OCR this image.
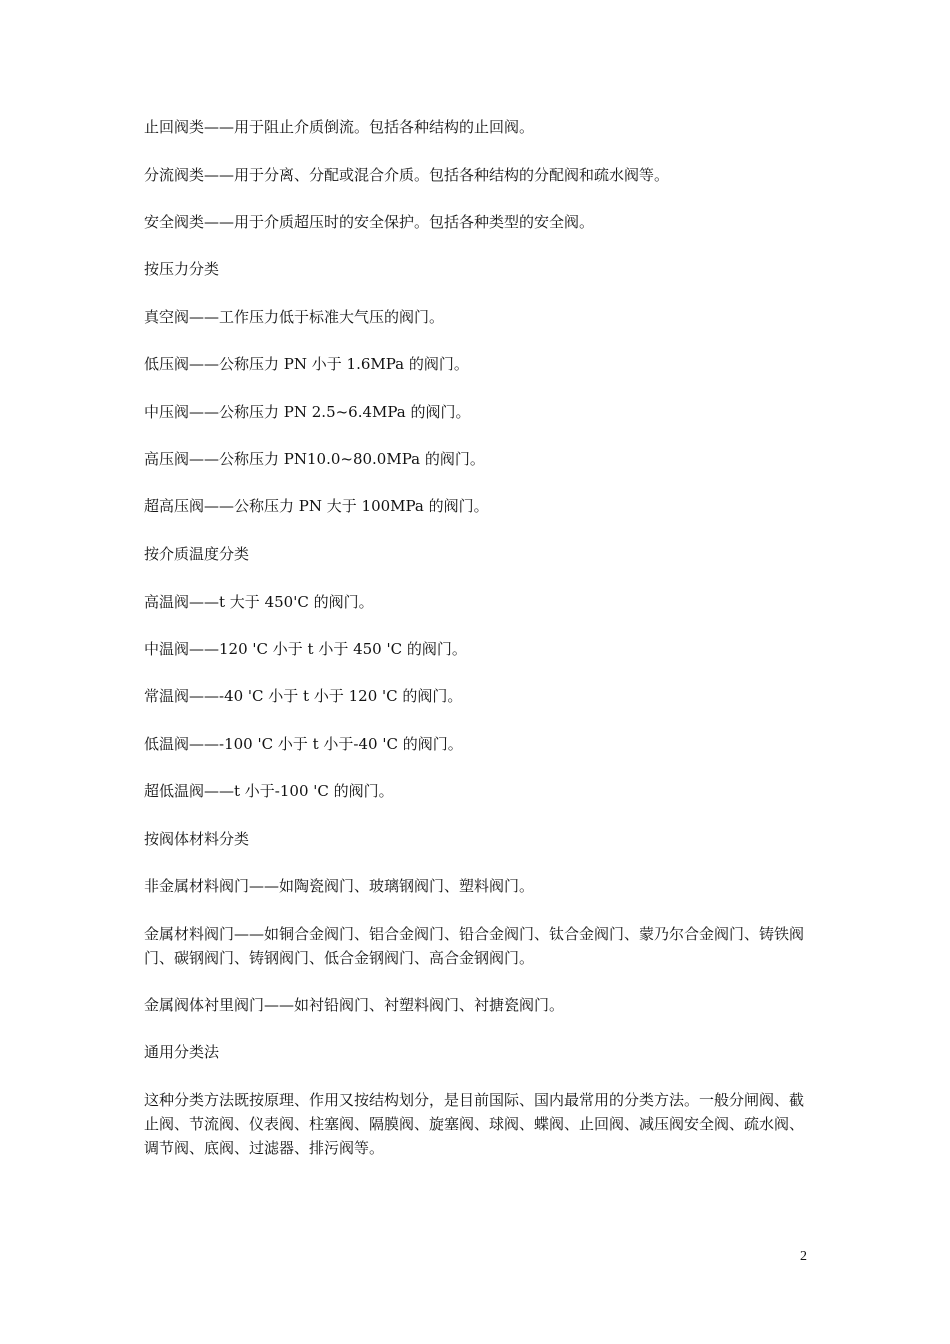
止回阀类——用于阻止介质倒流。包括各种结构的止回阀。

分流阀类——用于分离、分配或混合介质。包括各种结构的分配阀和疏水阀等。

安全阀类——用于介质超压时的安全保护。包括各种类型的安全阀。

按压力分类

真空阀——工作压力低于标准大气压的阀门。

低压阀——公称压力 PN 小于 1.6MPa 的阀门。

中压阀——公称压力 PN 2.5~6.4MPa 的阀门。

高压阀——公称压力 PN10.0~80.0MPa 的阀门。

超高压阀——公称压力 PN 大于 100MPa 的阀门。

按介质温度分类

高温阀——t 大于 450'C 的阀门。

中温阀——120 'C 小于 t 小于 450 'C 的阀门。

常温阀——-40 'C 小于 t 小于 120 'C 的阀门。

低温阀——-100 'C 小于 t 小于-40 'C 的阀门。

超低温阀——t 小于-100 'C 的阀门。

按阀体材料分类

非金属材料阀门——如陶瓷阀门、玻璃钢阀门、塑料阀门。

金属材料阀门——如铜合金阀门、铝合金阀门、铅合金阀门、钛合金阀门、蒙乃尔合金阀门、铸铁阀门、碳钢阀门、铸钢阀门、低合金钢阀门、高合金钢阀门。

金属阀体衬里阀门——如衬铅阀门、衬塑料阀门、衬搪瓷阀门。

通用分类法

这种分类方法既按原理、作用又按结构划分，是目前国际、国内最常用的分类方法。一般分闸阀、截止阀、节流阀、仪表阀、柱塞阀、隔膜阀、旋塞阀、球阀、蝶阀、止回阀、减压阀安全阀、疏水阀、调节阀、底阀、过滤器、排污阀等。

2
